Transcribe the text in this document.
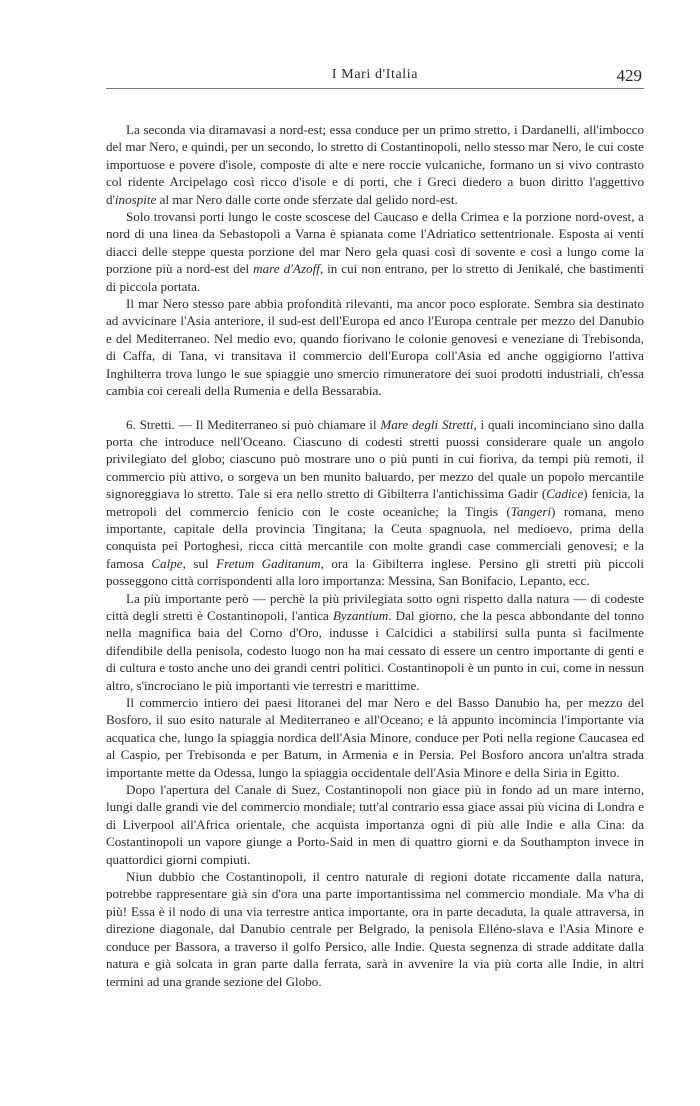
I Mari d'Italia	429

La seconda via diramavasi a nord-est; essa conduce per un primo stretto, i Dardanelli, all'imbocco del mar Nero, e quindi, per un secondo, lo stretto di Costantinopoli, nello stesso mar Nero, le cui coste importuose e povere d'isole, composte di alte e nere roccie vulcaniche, formano un si vivo contrasto col ridente Arcipelago così ricco d'isole e di porti, che i Greci diedero a buon diritto l'aggettivo d'inospite al mar Nero dalle corte onde sferzate dal gelido nord-est.

Solo trovansi porti lungo le coste scoscese del Caucaso e della Crimea e la porzione nord-ovest, a nord di una linea da Sebastopoli a Varna è spianata come l'Adriatico settentrionale. Esposta ai venti diacci delle steppe questa porzione del mar Nero gela quasi così di sovente e così a lungo come la porzione più a nord-est del mare d'Azoff, in cui non entrano, per lo stretto di Jenikalé, che bastimenti di piccola portata.

Il mar Nero stesso pare abbia profondità rilevanti, ma ancor poco esplorate. Sembra sia destinato ad avvicinare l'Asia anteriore, il sud-est dell'Europa ed anco l'Europa centrale per mezzo del Danubio e del Mediterraneo. Nel medio evo, quando fiorivano le colonie genovesi e veneziane di Trebisonda, di Caffa, di Tana, vi transitava il commercio dell'Europa coll'Asia ed anche oggigiorno l'attiva Inghilterra trova lungo le sue spiaggie uno smercio rimuneratore dei suoi prodotti industriali, ch'essa cambia coi cereali della Rumenia e della Bessarabia.

6. Stretti. — Il Mediterraneo si può chiamare il Mare degli Stretti, i quali incominciano sino dalla porta che introduce nell'Oceano. Ciascuno di codesti stretti puossi considerare quale un angolo privilegiato del globo; ciascuno può mostrare uno o più punti in cui fioriva, da tempi più remoti, il commercio più attivo, o sorgeva un ben munito baluardo, per mezzo del quale un popolo mercantile signoreggiava lo stretto. Tale si era nello stretto di Gibilterra l'antichissima Gadir (Cadice) fenicia, la metropoli del commercio fenicio con le coste oceaniche; la Tingis (Tangeri) romana, meno importante, capitale della provincia Tingitana; la Ceuta spagnuola, nel medioevo, prima della conquista pei Portoghesi, ricca città mercantile con molte grandi case commerciali genovesi; e la famosa Calpe, sul Fretum Gaditanum, ora la Gibilterra inglese. Persino gli stretti più piccoli posseggono città corrispondenti alla loro importanza: Messina, San Bonifacio, Lepanto, ecc.

La più importante però — perchè la più privilegiata sotto ogni rispetto dalla natura — di codeste città degli stretti è Costantinopoli, l'antica Byzantium. Dal giorno, che la pesca abbondante del tonno nella magnifica baia del Corno d'Oro, indusse i Calcidici a stabilirsi sulla punta sì facilmente difendibile della penisola, codesto luogo non ha mai cessato di essere un centro importante di genti e di cultura e tosto anche uno dei grandi centri politici. Costantinopoli è un punto in cui, come in nessun altro, s'incrociano le più importanti vie terrestri e marittime.

Il commercio intiero dei paesi litoranei del mar Nero e del Basso Danubio ha, per mezzo del Bosforo, il suo esito naturale al Mediterraneo e all'Oceano; e là appunto incomincia l'importante via acquatica che, lungo la spiaggia nordica dell'Asia Minore, conduce per Poti nella regione Caucasea ed al Caspio, per Trebisonda e per Batum, in Armenia e in Persia. Pel Bosforo ancora un'altra strada importante mette da Odessa, lungo la spiaggia occidentale dell'Asia Minore e della Siria in Egitto.

Dopo l'apertura del Canale di Suez, Costantinopoli non giace più in fondo ad un mare interno, lungi dalle grandi vie del commercio mondiale; tutt'al contrario essa giace assai più vicina di Londra e di Liverpool all'Africa orientale, che acquista importanza ogni dì più alle Indie e alla Cina: da Costantinopoli un vapore giunge a Porto-Said in men di quattro giorni e da Southampton invece in quattordici giorni compiuti.

Niun dubbio che Costantinopoli, il centro naturale di regioni dotate riccamente dalla natura, potrebbe rappresentare già sin d'ora una parte importantissima nel commercio mondiale. Ma v'ha di più! Essa è il nodo di una via terrestre antica importante, ora in parte decaduta, la quale attraversa, in direzione diagonale, dal Danubio centrale per Belgrado, la penisola Elléno-slava e l'Asia Minore e conduce per Bassora, a traverso il golfo Persico, alle Indie. Questa segnenza di strade additate dalla natura e già solcata in gran parte dalla ferrata, sarà in avvenire la via più corta alle Indie, in altri termini ad una grande sezione del Globo.
